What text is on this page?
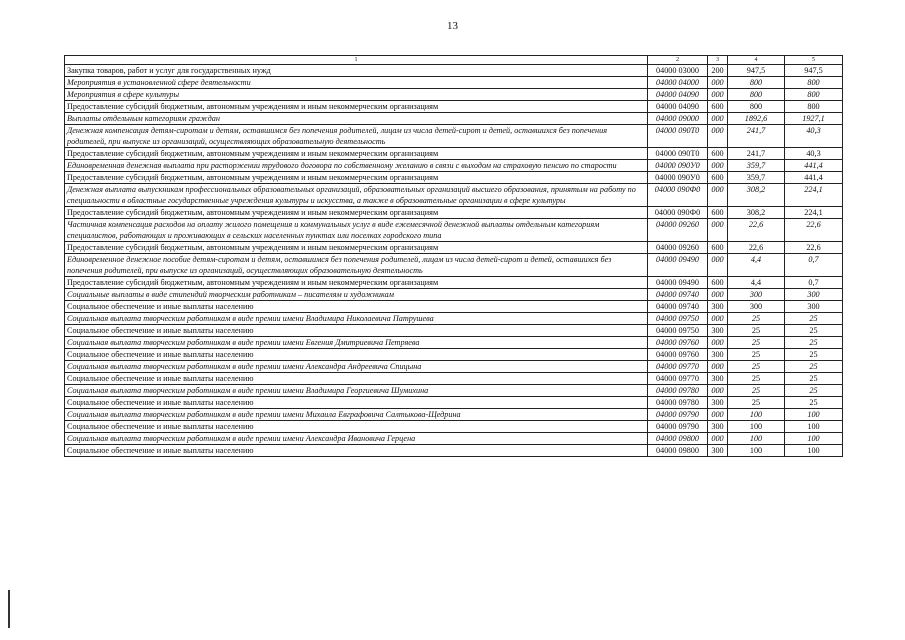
13
1	2	3	4	5
Закупка товаров, работ и услуг для государственных нужд	04000 03000	200	947,5	947,5
Мероприятия в установленной сфере деятельности	04000 04000	000	800	800
Мероприятия в сфере культуры	04000 04090	000	800	800
Предоставление субсидий бюджетным, автономным учреждениям и иным некоммерческим организациям	04000 04090	600	800	800
Выплаты отдельным категориям граждан	04000 09000	000	1892,6	1927,1
Денежная компенсация детям-сиротам и детям, оставшимся без попечения родителей, лицам из числа детей-сирот и детей, оставшихся без попечения родителей, при выпуске из организаций, осуществляющих образовательную деятельность	04000 090Т0	000	241,7	40,3
Предоставление субсидий бюджетным, автономным учреждениям и иным некоммерческим организациям	04000 090Т0	600	241,7	40,3
Единовременная денежная выплата при расторжении трудового договора по собственному желанию в связи с выходом на страховую пенсию по старости	04000 090У0	000	359,7	441,4
Предоставление субсидий бюджетным, автономным учреждениям и иным некоммерческим организациям	04000 090У0	600	359,7	441,4
Денежная выплата выпускникам профессиональных образовательных организаций, образовательных организаций высшего образования, принятым на работу по специальности в областные государственные учреждения культуры и искусства, а также в образовательные организации в сфере культуры	04000 090Ф0	000	308,2	224,1
Предоставление субсидий бюджетным, автономным учреждениям и иным некоммерческим организациям	04000 090Ф0	600	308,2	224,1
Частичная компенсация расходов на оплату жилого помещения и коммунальных услуг в виде ежемесячной денежной выплаты отдельным категориям специалистов, работающих и проживающих в сельских населенных пунктах или поселках городского типа	04000 09260	000	22,6	22,6
Предоставление субсидий бюджетным, автономным учреждениям и иным некоммерческим организациям	04000 09260	600	22,6	22,6
Единовременное денежное пособие детям-сиротам и детям, оставшимся без попечения родителей, лицам из числа детей-сирот и детей, оставшихся без попечения родителей, при выпуске из организаций, осуществляющих образовательную деятельность	04000 09490	000	4,4	0,7
Предоставление субсидий бюджетным, автономным учреждениям и иным некоммерческим организациям	04000 09490	600	4,4	0,7
Социальные выплаты в виде стипендий творческим работникам – писателям и художникам	04000 09740	000	300	300
Социальное обеспечение и иные выплаты населению	04000 09740	300	300	300
Социальная выплата творческим работникам в виде премии имени Владимира Николаевича Патрушева	04000 09750	000	25	25
Социальное обеспечение и иные выплаты населению	04000 09750	300	25	25
Социальная выплата творческим работникам в виде премии имени Евгения Дмитриевича Петряева	04000 09760	000	25	25
Социальное обеспечение и иные выплаты населению	04000 09760	300	25	25
Социальная выплата творческим работникам в виде премии имени Александра Андреевича Спицына	04000 09770	000	25	25
Социальное обеспечение и иные выплаты населению	04000 09770	300	25	25
Социальная выплата творческим работникам в виде премии имени Владимира Георгиевича Шумихина	04000 09780	000	25	25
Социальное обеспечение и иные выплаты населению	04000 09780	300	25	25
Социальная выплата творческим работникам в виде премии имени Михаила Евграфовича Салтыкова-Щедрина	04000 09790	000	100	100
Социальное обеспечение и иные выплаты населению	04000 09790	300	100	100
Социальная выплата творческим работникам в виде премии имени Александра Ивановича Герцена	04000 09800	000	100	100
Социальное обеспечение и иные выплаты населению	04000 09800	300	100	100
